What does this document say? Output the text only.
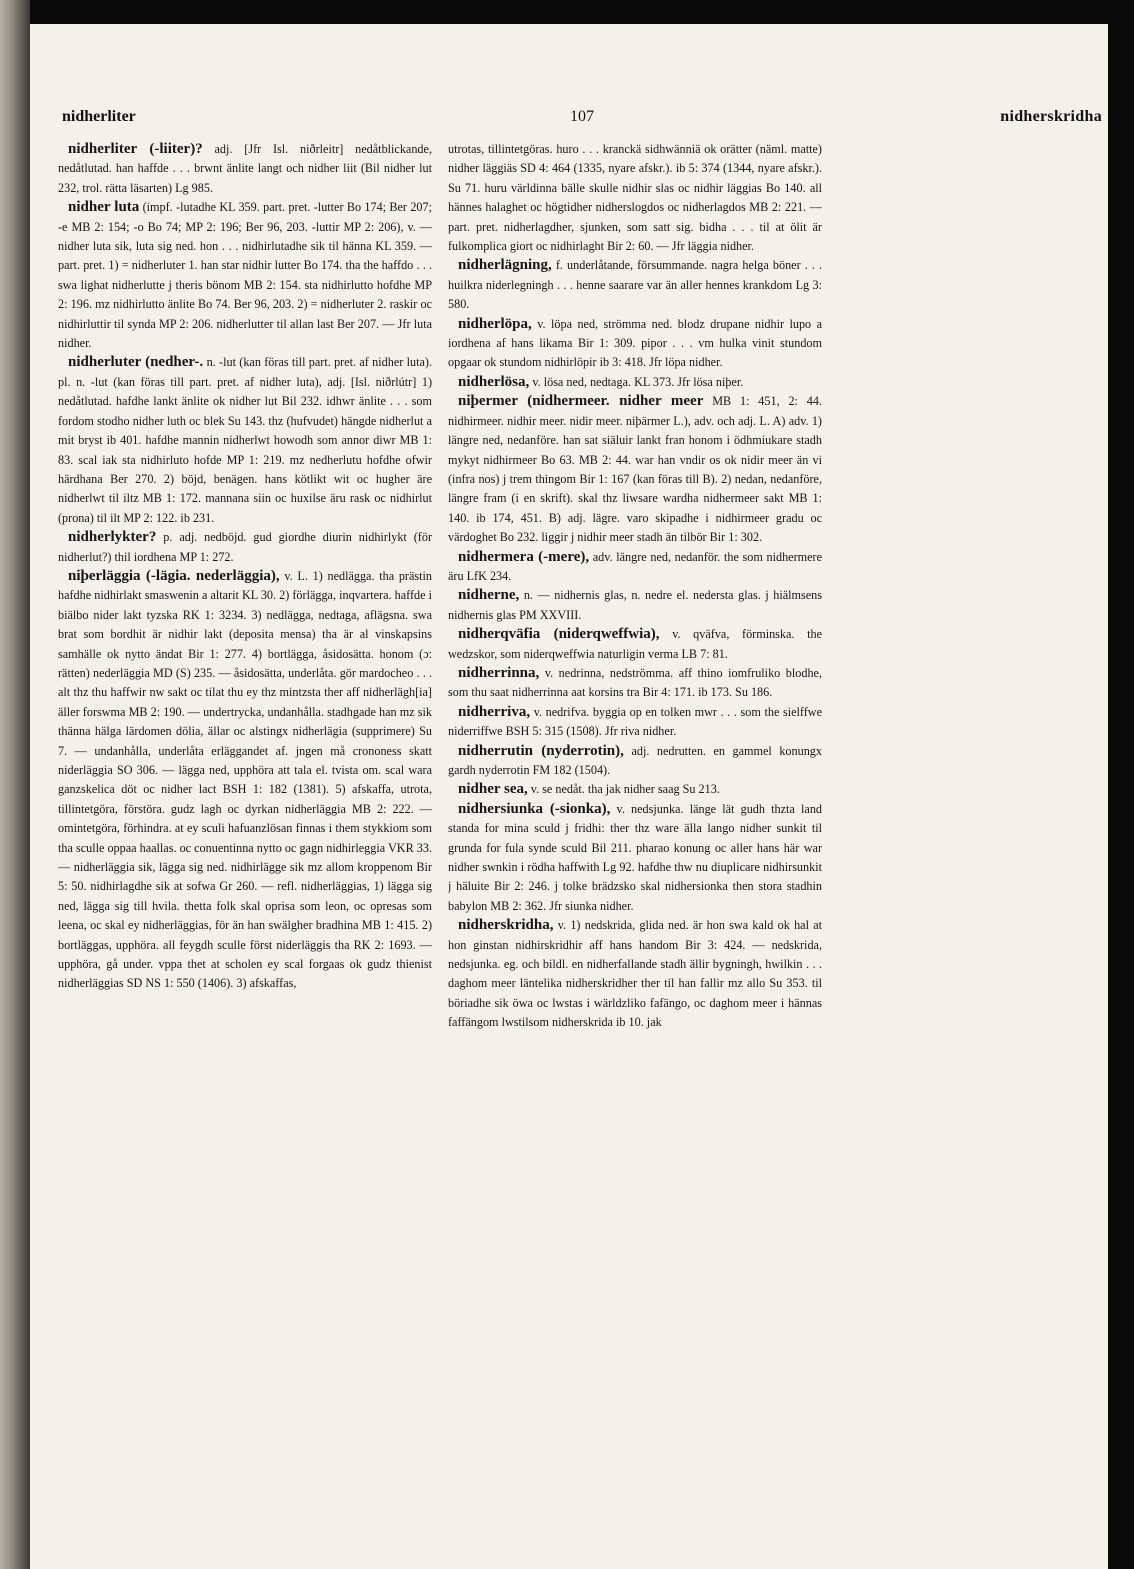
nidherliter	107	nidherskridha

nidherliter (-liiter)? adj. [Jfr Isl. niðrleitr] nedåtblickande, nedåtlutad. han haffde . . . brwnt änlite langt och nidher liit (Bil nidher lut 232, trol. rätta läsarten) Lg 985.

nidher luta (impf. -lutadhe KL 359. part. pret. -lutter Bo 174; Ber 207; -e MB 2: 154; -o Bo 74; MP 2: 196; Ber 96, 203. -luttir MP 2: 206), v. — nidher luta sik, luta sig ned. hon . . . nidhirlutadhe sik til hänna KL 359. — part. pret. 1) = nidherluter 1. han star nidhir lutter Bo 174. tha the haffdo . . . swa lighat nidherlutte j theris bönom MB 2: 154. sta nidhirlutto hofdhe MP 2: 196. mz nidhirlutto änlite Bo 74. Ber 96, 203. 2) = nidherluter 2. raskir oc nidhirluttir til synda MP 2: 206. nidherlutter til allan last Ber 207. — Jfr luta nidher.

nidherluter (nedher-. n. -lut (kan föras till part. pret. af nidher luta). pl. n. -lut (kan föras till part. pret. af nidher luta), adj. [Isl. niðrlútr] 1) nedåtlutad. hafdhe lankt änlite ok nidher lut Bil 232. idhwr änlite . . . som fordom stodho nidher luth oc blek Su 143. thz (hufvudet) hängde nidherlut a mit bryst ib 401. hafdhe mannin nidherlwt howodh som annor diwr MB 1: 83. scal iak sta nidhirluto hofde MP 1: 219. mz nedherlutu hofdhe ofwir härdhana Ber 270. 2) böjd, benägen. hans kötlikt wit oc hugher äre nidherlwt til iltz MB 1: 172. mannana siin oc huxilse äru rask oc nidhirlut (prona) til ilt MP 2: 122. ib 231.

nidherlykter? p. adj. nedböjd. gud giordhe diurin nidhirlykt (för nidherlut?) thil iordhena MP 1: 272.

niþerläggia (-lägia. nederläggia), v. L. 1) nedlägga. tha prästin hafdhe nidhirlakt smaswenin a altarit KL 30. 2) förlägga, inqvartera. haffde i biälbo nider lakt tyzska RK 1: 3234. 3) nedlägga, nedtaga, aflägsna. swa brat som bordhit är nidhir lakt (deposita mensa) tha är al vinskapsins samhälle ok nytto ändat Bir 1: 277. 4) bortlägga, åsidosätta. honom (ɔ: rätten) nederläggia MD (S) 235. — åsidosätta, underlåta. gör mardocheo . . . alt thz thu haffwir nw sakt oc tilat thu ey thz mintzsta ther aff nidherlägh[ia] äller forswma MB 2: 190. — undertrycka, undanhålla. stadhgade han mz sik thänna hälga lärdomen dölia, ällar oc alstingx nidherlägia (supprimere) Su 7. — undanhålla, underlåta erläggandet af. jngen må crononess skatt niderläggia SO 306. — lägga ned, upphöra att tala el. tvista om. scal wara ganzskelica döt oc nidher lact BSH 1: 182 (1381). 5) afskaffa, utrota, tillintetgöra, förstöra. gudz lagh oc dyrkan nidherläggia MB 2: 222. — omintetgöra, förhindra. at ey sculi hafuanzlösan finnas i them stykkiom som tha sculle oppaa haallas. oc conuentinna nytto oc gagn nidhirleggia VKR 33. — nidherläggia sik, lägga sig ned. nidhirlägge sik mz allom kroppenom Bir 5: 50. nidhirlagdhe sik at sofwa Gr 260. — refl. nidherläggias, 1) lägga sig ned, lägga sig till hvila. thetta folk skal oprisa som leon, oc opresas som leena, oc skal ey nidherläggias, för än han swälgher bradhina MB 1: 415. 2) bortläggas, upphöra. all feygdh sculle först niderläggis tha RK 2: 1693. — upphöra, gå under. vppa thet at scholen ey scal forgaas ok gudz thienist nidherläggias SD NS 1: 550 (1406). 3) afskaffas,

utrotas, tillintetgöras. huro . . . kranckä sidhwänniä ok orätter (näml. matte) nidher läggiäs SD 4: 464 (1335, nyare afskr.). ib 5: 374 (1344, nyare afskr.). Su 71. huru världinna bälle skulle nidhir slas oc nidhir läggias Bo 140. all hännes halaghet oc högtidher nidherslogdos oc nidherlagdos MB 2: 221. — part. pret. nidherlagdher, sjunken, som satt sig. bidha . . . til at ölit är fulkomplica giort oc nidhirlaght Bir 2: 60. — Jfr läggia nidher.

nidherlägning, f. underlåtande, försummande. nagra helga böner . . . huilkra niderlegningh . . . henne saarare var än aller hennes krankdom Lg 3: 580.

nidherlöpa, v. löpa ned, strömma ned. blodz drupane nidhir lupo a iordhena af hans likama Bir 1: 309. pipor . . . vm hulka vinit stundom opgaar ok stundom nidhirlöpir ib 3: 418. Jfr löpa nidher.

nidherlösa, v. lösa ned, nedtaga. KL 373. Jfr lösa niþer.

niþermer (nidhermeer. nidher meer MB 1: 451, 2: 44. nidhirmeer. nidhir meer. nidir meer. niþärmer L.), adv. och adj. L. A) adv. 1) längre ned, nedanföre. han sat siäluir lankt fran honom i ödhmiukare stadh mykyt nidhirmeer Bo 63. MB 2: 44. war han vndir os ok nidir meer än vi (infra nos) j trem thingom Bir 1: 167 (kan föras till B). 2) nedan, nedanföre, längre fram (i en skrift). skal thz liwsare wardha nidhermeer sakt MB 1: 140. ib 174, 451. B) adj. lägre. varo skipadhe i nidhirmeer gradu oc värdoghet Bo 232. liggir j nidhir meer stadh än tilbör Bir 1: 302.

nidhermera (-mere), adv. längre ned, nedanför. the som nidhermere äru LfK 234.

nidherne, n. — nidhernis glas, n. nedre el. nedersta glas. j hiälmsens nidhernis glas PM XXVIII.

nidherqväfia (niderqweffwia), v. qväfva, förminska. the wedzskor, som niderqweffwia naturligin verma LB 7: 81.

nidherrinna, v. nedrinna, nedströmma. aff thino iomfruliko blodhe, som thu saat nidherrinna aat korsins tra Bir 4: 171. ib 173. Su 186.

nidherriva, v. nedrifva. byggia op en tolken mwr . . . som the sielffwe niderriffwe BSH 5: 315 (1508). Jfr riva nidher.

nidherrutin (nyderrotin), adj. nedrutten. en gammel konungx gardh nyderrotin FM 182 (1504).

nidher sea, v. se nedåt. tha jak nidher saag Su 213.

nidhersiunka (-sionka), v. nedsjunka. länge lät gudh thzta land standa for mina sculd j fridhi: ther thz ware älla lango nidher sunkit til grunda for fula synde sculd Bil 211. pharao konung oc aller hans här war nidher swnkin i rödha haffwith Lg 92. hafdhe thw nu diuplicare nidhirsunkit j häluite Bir 2: 246. j tolke brädzsko skal nidhersionka then stora stadhin babylon MB 2: 362. Jfr siunka nidher.

nidherskridha, v. 1) nedskrida, glida ned. är hon swa kald ok hal at hon ginstan nidhirskridhir aff hans handom Bir 3: 424. — nedskrida, nedsjunka. eg. och bildl. en nidherfallande stadh ällir bygningh, hwilkin . . . daghom meer läntelika nidherskridher ther til han fallir mz allo Su 353. til böriadhe sik öwa oc lwstas i wärldzliko fafängo, oc daghom meer i hännas faffängom lwstilsom nidherskrida ib 10. jak
